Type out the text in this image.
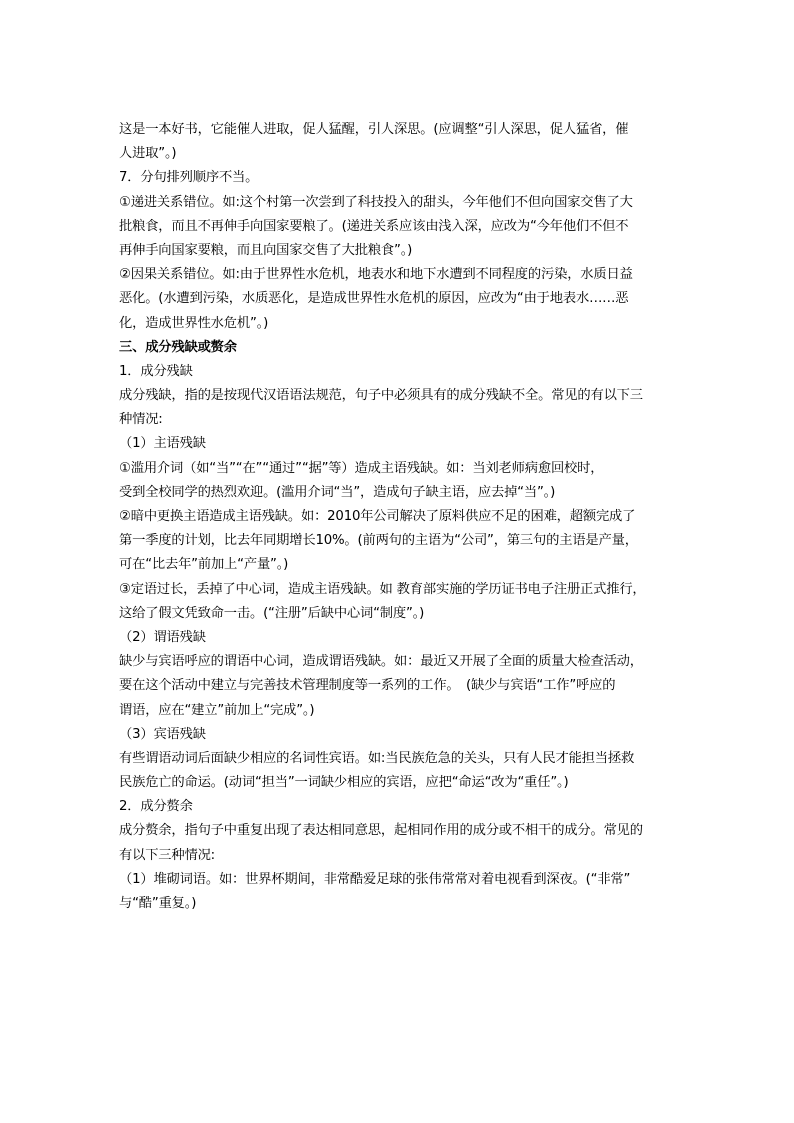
这是一本好书，它能催人进取，促人猛醒，引人深思。(应调整“引人深思，促人猛省，催
人进取”。)
7．分句排列顺序不当。
①递进关系错位。如:这个村第一次尝到了科技投入的甜头，今年他们不但向国家交售了大
批粮食，而且不再伸手向国家要粮了。(递进关系应该由浅入深，应改为“今年他们不但不
再伸手向国家要粮，而且向国家交售了大批粮食”。)
②因果关系错位。如:由于世界性水危机，地表水和地下水遭到不同程度的污染，水质日益
恶化。(水遭到污染，水质恶化，是造成世界性水危机的原因，应改为“由于地表水……恶
化，造成世界性水危机”。)
三、成分残缺或赘余
1．成分残缺
成分残缺，指的是按现代汉语语法规范，句子中必须具有的成分残缺不全。常见的有以下三
种情况:
（1）主语残缺
①滥用介词（如“当”“在”“通过”“据”等）造成主语残缺。如：当刘老师病愈回校时，
受到全校同学的热烈欢迎。(滥用介词“当”，造成句子缺主语，应去掉“当”。)
②暗中更换主语造成主语残缺。如：2010年公司解决了原料供应不足的困难，超额完成了
第一季度的计划，比去年同期增长10%。(前两句的主语为“公司”，第三句的主语是产量，
可在“比去年”前加上“产量”。)
③定语过长，丢掉了中心词，造成主语残缺。如 教育部实施的学历证书电子注册正式推行，
这给了假文凭致命一击。(“注册”后缺中心词“制度”。)
（2）谓语残缺
缺少与宾语呼应的谓语中心词，造成谓语残缺。如：最近又开展了全面的质量大检查活动，
要在这个活动中建立与完善技术管理制度等一系列的工作。　(缺少与宾语“工作”呼应的
谓语，应在“建立”前加上“完成”。)
（3）宾语残缺
有些谓语动词后面缺少相应的名词性宾语。如:当民族危急的关头，只有人民才能担当拯救
民族危亡的命运。(动词“担当”一词缺少相应的宾语，应把“命运“改为“重任”。)
2．成分赘余
成分赘余，指句子中重复出现了表达相同意思，起相同作用的成分或不相干的成分。常见的
有以下三种情况:
（1）堆砌词语。如：世界杯期间，非常酷爱足球的张伟常常对着电视看到深夜。(“非常”
与“酷”重复。)
